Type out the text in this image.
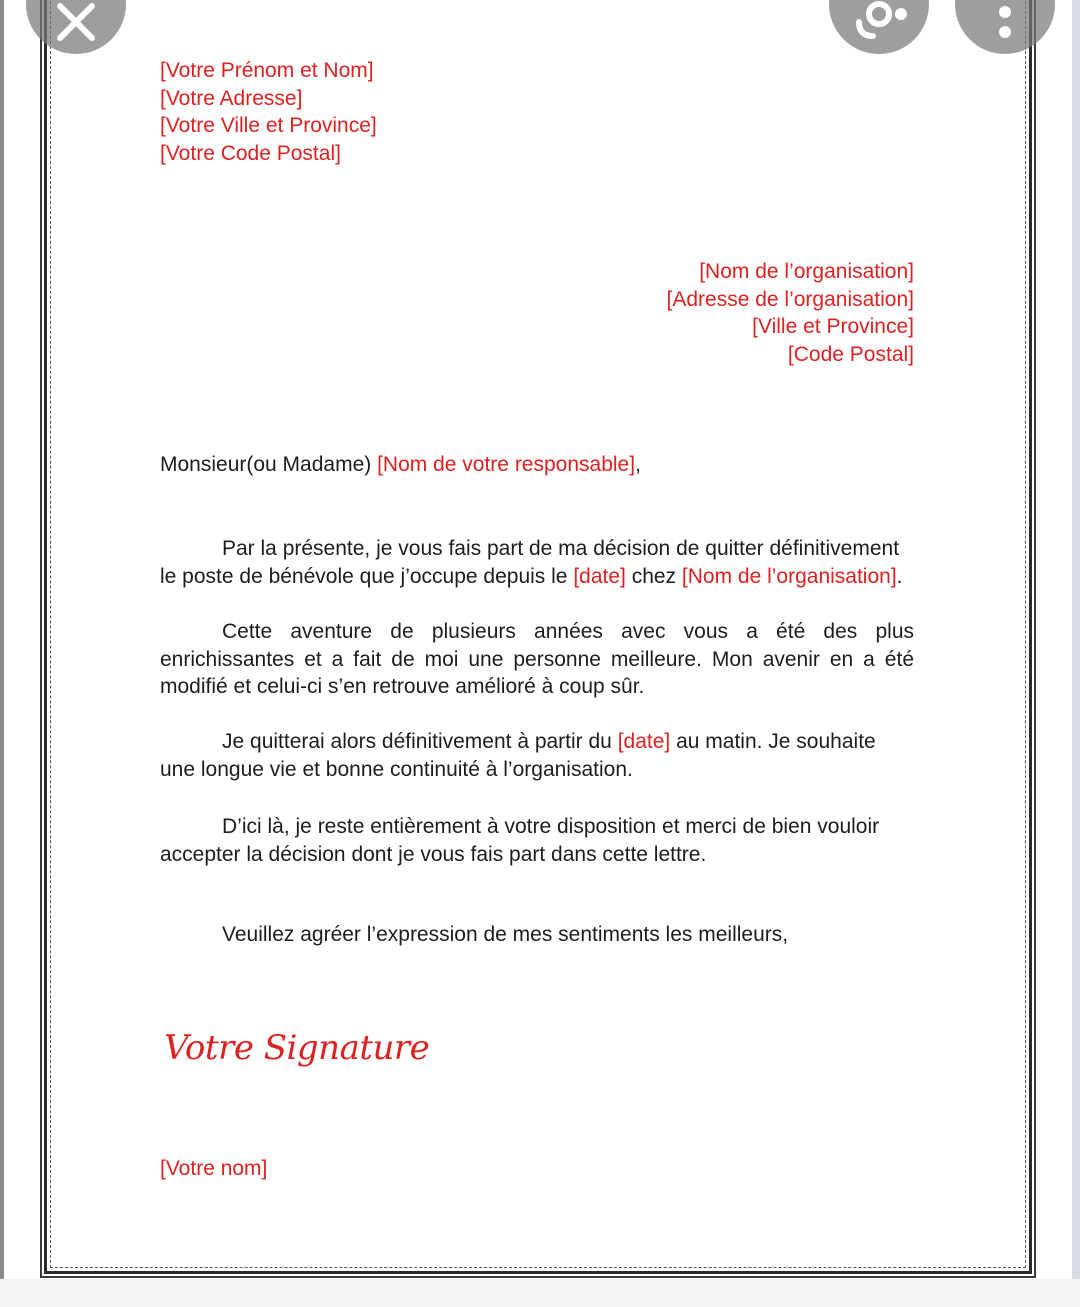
[Votre Prénom et Nom]
[Votre Adresse]
[Votre Ville et Province]
[Votre Code Postal]
[Nom de l’organisation]
[Adresse de l’organisation]
[Ville et Province]
[Code Postal]
Monsieur(ou Madame) [Nom de votre responsable],

Par la présente, je vous fais part de ma décision de quitter définitivement le poste de bénévole que j’occupe depuis le [date] chez [Nom de l’organisation].

Cette aventure de plusieurs années avec vous a été des plus enrichissantes et a fait de moi une personne meilleure. Mon avenir en a été modifié et celui-ci s’en retrouve amélioré à coup sûr.

Je quitterai alors définitivement à partir du [date] au matin. Je souhaite une longue vie et bonne continuité à l’organisation.

D’ici là, je reste entièrement à votre disposition et merci de bien vouloir accepter la décision dont je vous fais part dans cette lettre.

Veuillez agréer l’expression de mes sentiments les meilleurs,
Votre Signature
[Votre nom]
